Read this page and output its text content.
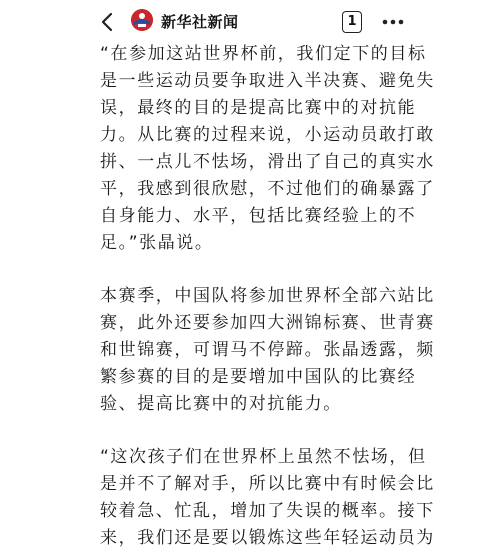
新华社新闻	1

“在参加这站世界杯前，我们定下的目标
是一些运动员要争取进入半决赛、避免失
误，最终的目的是提高比赛中的对抗能
力。从比赛的过程来说，小运动员敢打敢
拼、一点儿不怯场，滑出了自己的真实水
平，我感到很欣慰，不过他们的确暴露了
自身能力、水平，包括比赛经验上的不
足。”张晶说。

本赛季，中国队将参加世界杯全部六站比
赛，此外还要参加四大洲锦标赛、世青赛
和世锦赛，可谓马不停蹄。张晶透露，频
繁参赛的目的是要增加中国队的比赛经
验、提高比赛中的对抗能力。

“这次孩子们在世界杯上虽然不怯场，但
是并不了解对手，所以比赛中有时候会比
较着急、忙乱，增加了失误的概率。接下
来，我们还是要以锻炼这些年轻运动员为
